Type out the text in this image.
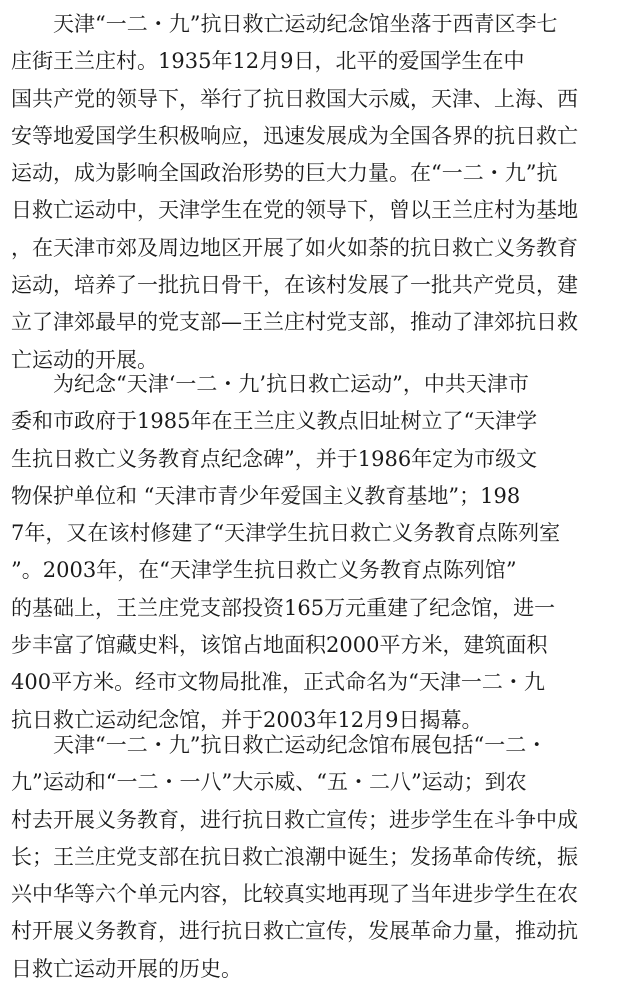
　　天津“一二・九”抗日救亡运动纪念馆坐落于西青区李七
庄街王兰庄村。1935年12月9日，北平的爱国学生在中
国共产党的领导下，举行了抗日救国大示威，天津、上海、西
安等地爱国学生积极响应，迅速发展成为全国各界的抗日救亡
运动，成为影响全国政治形势的巨大力量。在“一二・九”抗
日救亡运动中，天津学生在党的领导下，曾以王兰庄村为基地
，在天津市郊及周边地区开展了如火如荼的抗日救亡义务教育
运动，培养了一批抗日骨干，在该村发展了一批共产党员，建
立了津郊最早的党支部—王兰庄村党支部，推动了津郊抗日救
亡运动的开展。

　　为纪念“天津‘一二・九’抗日救亡运动”，中共天津市
委和市政府于1985年在王兰庄义教点旧址树立了“天津学
生抗日救亡义务教育点纪念碑”，并于1986年定为市级文
物保护单位和 “天津市青少年爱国主义教育基地”；198
7年，又在该村修建了“天津学生抗日救亡义务教育点陈列室
”。2003年，在“天津学生抗日救亡义务教育点陈列馆”
的基础上，王兰庄党支部投资165万元重建了纪念馆，进一
步丰富了馆藏史料，该馆占地面积2000平方米，建筑面积
400平方米。经市文物局批准，正式命名为“天津一二・九
抗日救亡运动纪念馆，并于2003年12月9日揭幕。

　　天津“一二・九”抗日救亡运动纪念馆布展包括“一二・
九”运动和“一二・一八”大示威、“五・二八”运动；到农
村去开展义务教育，进行抗日救亡宣传；进步学生在斗争中成
长；王兰庄党支部在抗日救亡浪潮中诞生；发扬革命传统，振
兴中华等六个单元内容，比较真实地再现了当年进步学生在农
村开展义务教育，进行抗日救亡宣传，发展革命力量，推动抗
日救亡运动开展的历史。
